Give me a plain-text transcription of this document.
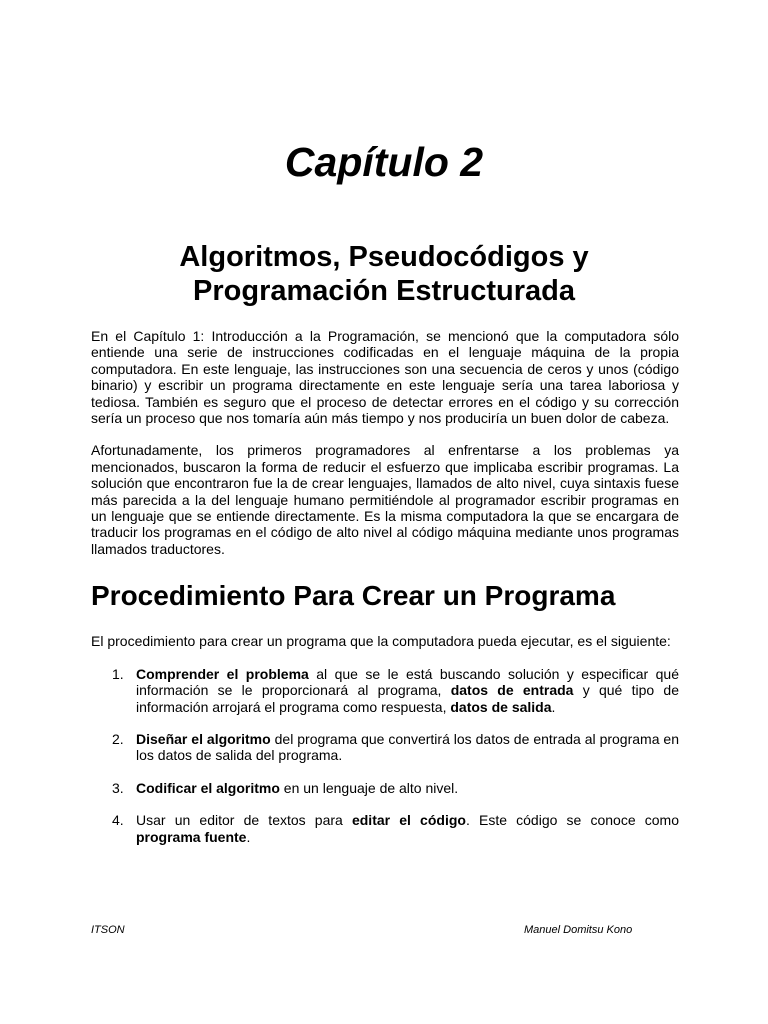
Capítulo 2
Algoritmos, Pseudocódigos y
Programación Estructurada

En el Capítulo 1: Introducción a la Programación, se mencionó que la computadora sólo entiende una serie de instrucciones codificadas en el lenguaje máquina de la propia computadora. En este lenguaje, las instrucciones son una secuencia de ceros y unos (código binario) y escribir un programa directamente en este lenguaje sería una tarea laboriosa y tediosa. También es seguro que el proceso de detectar errores en el código y su corrección sería un proceso que nos tomaría aún más tiempo y nos produciría un buen dolor de cabeza.

Afortunadamente, los primeros programadores al enfrentarse a los problemas ya mencionados, buscaron la forma de reducir el esfuerzo que implicaba escribir programas. La solución que encontraron fue la de crear lenguajes, llamados de alto nivel, cuya sintaxis fuese más parecida a la del lenguaje humano permitiéndole al programador escribir programas en un lenguaje que se entiende directamente. Es la misma computadora la que se encargara de traducir los programas en el código de alto nivel al código máquina mediante unos programas llamados traductores.

Procedimiento Para Crear un Programa

El procedimiento para crear un programa que la computadora pueda ejecutar, es el siguiente:

1. Comprender el problema al que se le está buscando solución y especificar qué información se le proporcionará al programa, datos de entrada y qué tipo de información arrojará el programa como respuesta, datos de salida.
2. Diseñar el algoritmo del programa que convertirá los datos de entrada al programa en los datos de salida del programa.
3. Codificar el algoritmo en un lenguaje de alto nivel.
4. Usar un editor de textos para editar el código. Este código se conoce como programa fuente.
ITSON	Manuel Domitsu Kono
